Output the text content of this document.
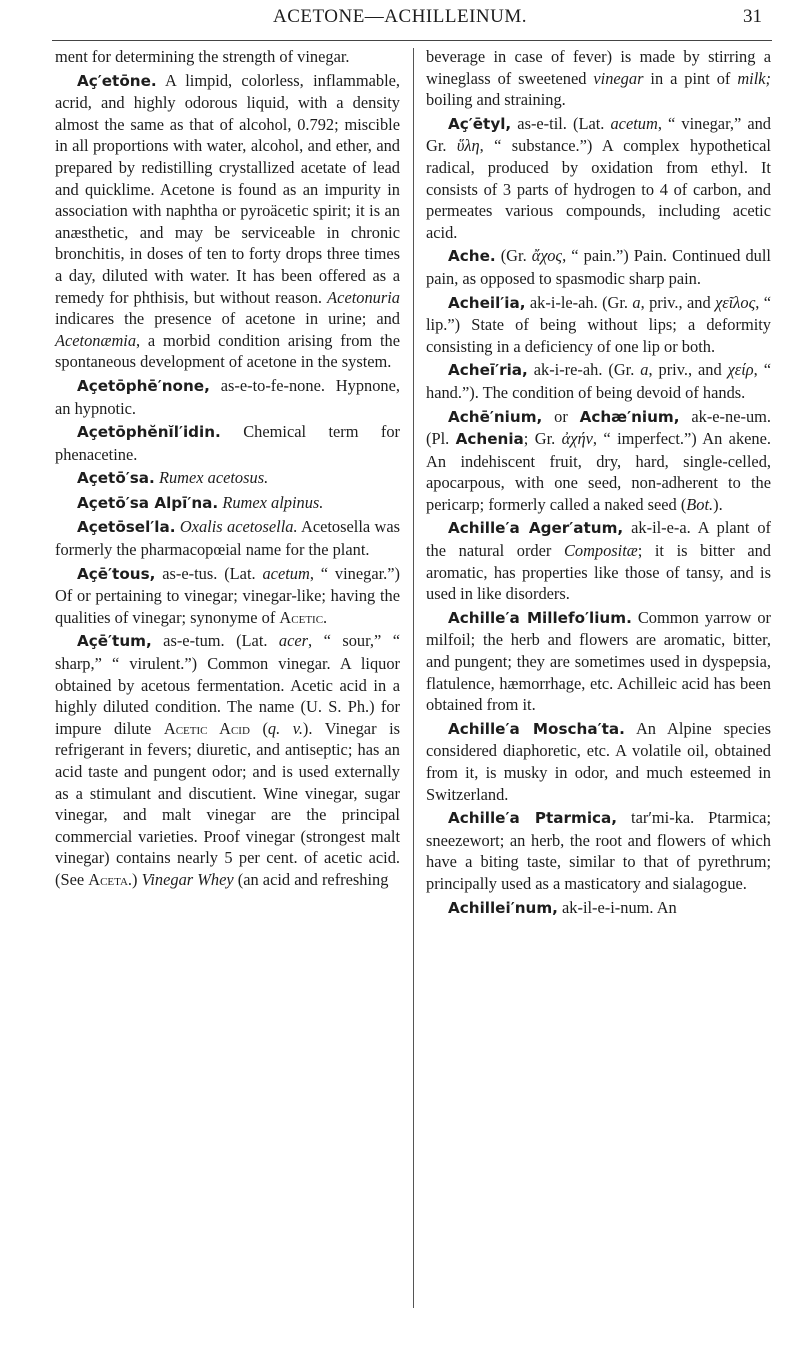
ACETONE—ACHILLEINUM.	31

ment for determining the strength of vinegar.

Aç′etōne. A limpid, colorless, inflammable, acrid, and highly odorous liquid, with a density almost the same as that of alcohol, 0.792; miscible in all proportions with water, alcohol, and ether, and prepared by redistilling crystallized acetate of lead and quicklime. Acetone is found as an impurity in association with naphtha or pyroäcetic spirit; it is an anæsthetic, and may be serviceable in chronic bronchitis, in doses of ten to forty drops three times a day, diluted with water. It has been offered as a remedy for phthisis, but without reason. Acetonuria indicares the presence of acetone in urine; and Acetonæmia, a morbid condition arising from the spontaneous development of acetone in the system.

Açetōphē′none, as-e-to-fe-none. Hypnone, an hypnotic.

Açetōphĕnĭl′idin. Chemical term for phenacetine.

Açetō′sa. Rumex acetosus.

Açetō′sa Alpī′na. Rumex alpinus.

Açetōsel′la. Oxalis acetosella. Acetosella was formerly the pharmacopœial name for the plant.

Açē′tous, as-e-tus. (Lat. acetum, “ vinegar.”) Of or pertaining to vinegar; vinegar-like; having the qualities of vinegar; synonyme of Acetic.

Açē′tum, as-e-tum. (Lat. acer, “ sour,” “ sharp,” “ virulent.”) Common vinegar. A liquor obtained by acetous fermentation. Acetic acid in a highly diluted condition. The name (U. S. Ph.) for impure dilute Acetic Acid (q. v.). Vinegar is refrigerant in fevers; diuretic, and antiseptic; has an acid taste and pungent odor; and is used externally as a stimulant and discutient. Wine vinegar, sugar vinegar, and malt vinegar are the principal commercial varieties. Proof vinegar (strongest malt vinegar) contains nearly 5 per cent. of acetic acid. (See Aceta.) Vinegar Whey (an acid and refreshing

beverage in case of fever) is made by stirring a wineglass of sweetened vinegar in a pint of milk; boiling and straining.

Aç′ētyl, as-e-til. (Lat. acetum, “ vinegar,” and Gr. ὕλη, “ substance.”) A complex hypothetical radical, produced by oxidation from ethyl. It consists of 3 parts of hydrogen to 4 of carbon, and permeates various compounds, including acetic acid.

Ache. (Gr. ἄχος, “ pain.”) Pain. Continued dull pain, as opposed to spasmodic sharp pain.

Acheil′ia, ak-i-le-ah. (Gr. a, priv., and χεῖλος, “ lip.”) State of being without lips; a deformity consisting in a deficiency of one lip or both.

Acheī′ria, ak-i-re-ah. (Gr. a, priv., and χείρ, “ hand.”). The condition of being devoid of hands.

Achē′nium, or Achæ′nium, ak-e-ne-um. (Pl. Achenia; Gr. ἀχήν, “ imperfect.”) An akene. An indehiscent fruit, dry, hard, single-celled, apocarpous, with one seed, non-adherent to the pericarp; formerly called a naked seed (Bot.).

Achille′a Ager′atum, ak-il-e-a. A plant of the natural order Compositæ; it is bitter and aromatic, has properties like those of tansy, and is used in like disorders.

Achille′a Millefo′lium. Common yarrow or milfoil; the herb and flowers are aromatic, bitter, and pungent; they are sometimes used in dyspepsia, flatulence, hæmorrhage, etc. Achilleic acid has been obtained from it.

Achille′a Moscha′ta. An Alpine species considered diaphoretic, etc. A volatile oil, obtained from it, is musky in odor, and much esteemed in Switzerland.

Achille′a Ptarmica, tar′mi-ka. Ptarmica; sneezewort; an herb, the root and flowers of which have a biting taste, similar to that of pyrethrum; principally used as a masticatory and sialagogue.

Achillei′num, ak-il-e-i-num. An
